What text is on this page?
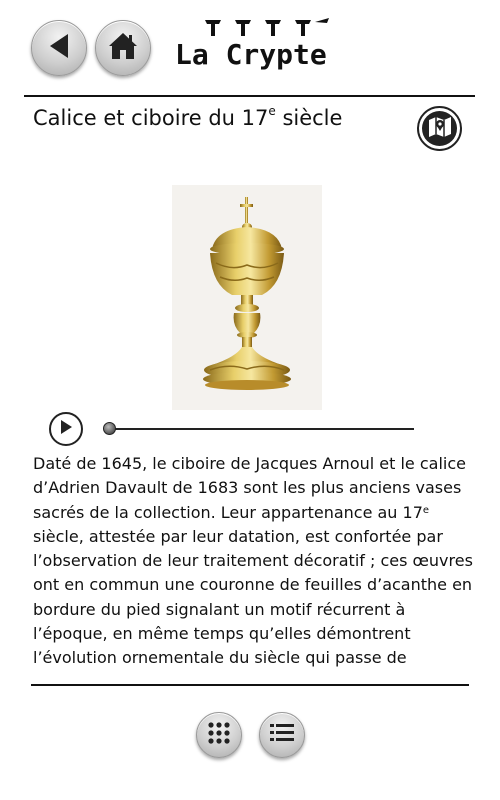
La Crypte
Calice et ciboire du 17e siècle
Daté de 1645, le ciboire de Jacques Arnoul et le calice d’Adrien Davault de 1683 sont les plus anciens vases sacrés de la collection. Leur appartenance au 17e siècle, attestée par leur datation, est confortée par l’observation de leur traitement décoratif ; ces œuvres ont en commun une couronne de feuilles d’acanthe en bordure du pied signalant un motif récurrent à l’époque, en même temps qu’elles démontrent l’évolution ornementale du siècle qui passe de
